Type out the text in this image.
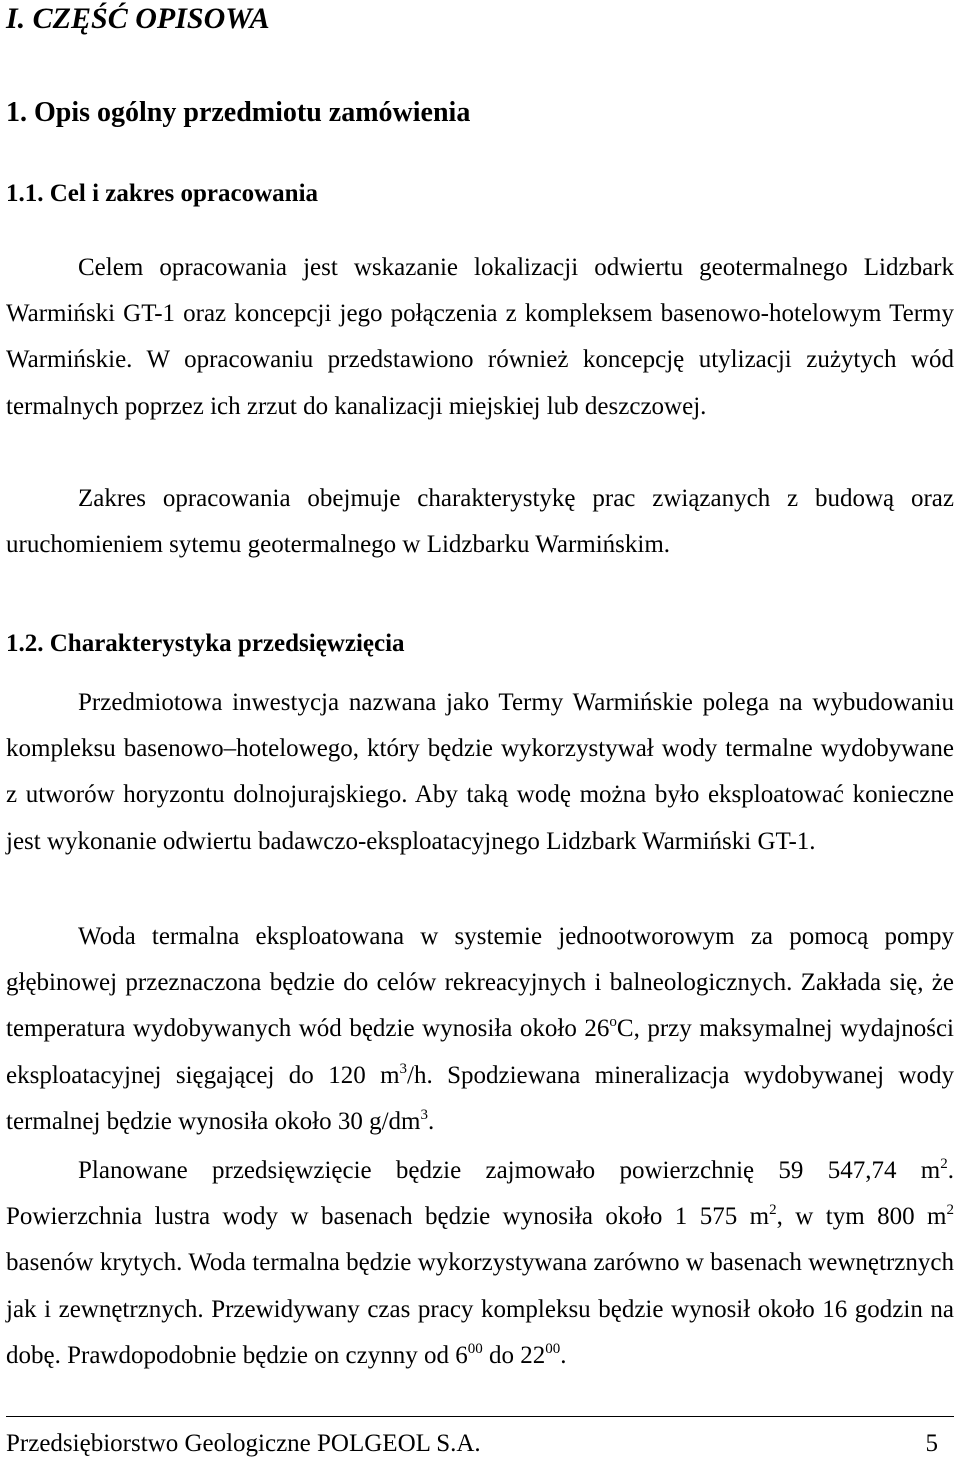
I. CZĘŚĆ OPISOWA
1. Opis ogólny przedmiotu zamówienia
1.1. Cel i zakres opracowania

Celem opracowania jest wskazanie lokalizacji odwiertu geotermalnego Lidzbark Warmiński GT-1 oraz koncepcji jego połączenia z kompleksem basenowo-hotelowym Termy Warmińskie. W opracowaniu przedstawiono również koncepcję utylizacji zużytych wód termalnych poprzez ich zrzut do kanalizacji miejskiej lub deszczowej.

Zakres opracowania obejmuje charakterystykę prac związanych z budową oraz uruchomieniem sytemu geotermalnego w Lidzbarku Warmińskim.

1.2. Charakterystyka przedsięwzięcia

Przedmiotowa inwestycja nazwana jako Termy Warmińskie polega na wybudowaniu kompleksu basenowo–hotelowego, który będzie wykorzystywał wody termalne wydobywane z utworów horyzontu dolnojurajskiego. Aby taką wodę można było eksploatować konieczne jest wykonanie odwiertu badawczo-eksploatacyjnego Lidzbark Warmiński GT-1.

Woda termalna eksploatowana w systemie jednootworowym za pomocą pompy głębinowej przeznaczona będzie do celów rekreacyjnych i balneologicznych. Zakłada się, że temperatura wydobywanych wód będzie wynosiła około 26$^o$C, przy maksymalnej wydajności eksploatacyjnej sięgającej do 120 $m^3/h$. Spodziewana mineralizacja wydobywanej wody termalnej będzie wynosiła około 30 $g/dm^3$.

Planowane przedsięwzięcie będzie zajmowało powierzchnię 59 547,74 $m^2$. Powierzchnia lustra wody w basenach będzie wynosiła około 1 575 $m^2$, w tym 800 $m^2$ basenów krytych. Woda termalna będzie wykorzystywana zarówno w basenach wewnętrznych jak i zewnętrznych. Przewidywany czas pracy kompleksu będzie wynosił około 16 godzin na dobę. Prawdopodobnie będzie on czynny od $6^{00}$ do $22^{00}$.

Przedsiębiorstwo Geologiczne POLGEOL S.A.	5
